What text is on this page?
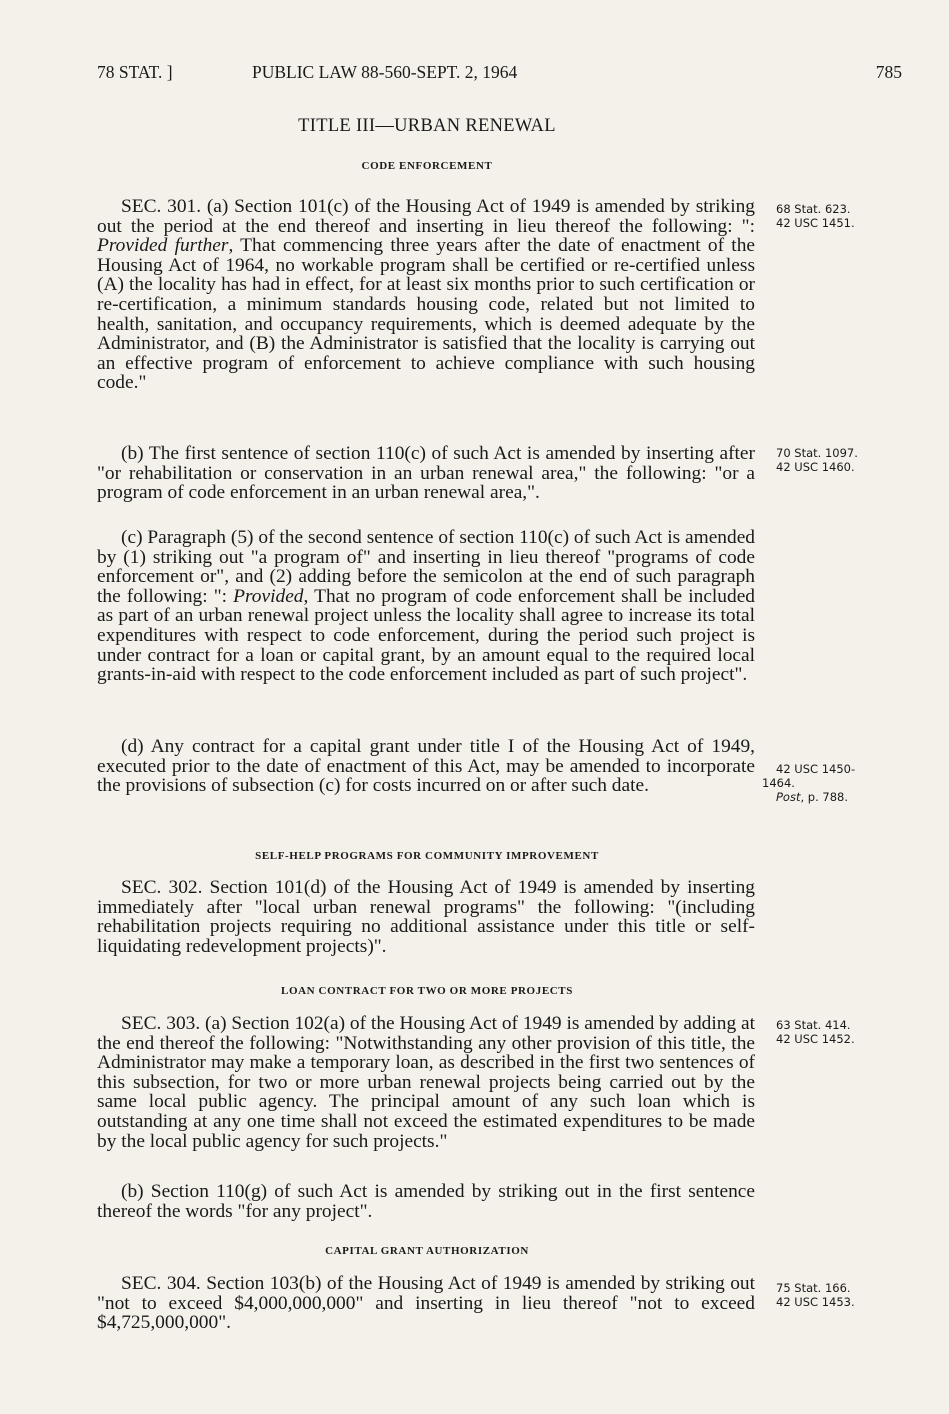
78 STAT. ]	PUBLIC LAW 88-560-SEPT. 2, 1964	785
TITLE III—URBAN RENEWAL
CODE ENFORCEMENT

SEC. 301. (a) Section 101(c) of the Housing Act of 1949 is amended by striking out the period at the end thereof and inserting in lieu thereof the following: ": Provided further, That commencing three years after the date of enactment of the Housing Act of 1964, no workable program shall be certified or re-certified unless (A) the locality has had in effect, for at least six months prior to such certification or re-certification, a minimum standards housing code, related but not limited to health, sanitation, and occupancy requirements, which is deemed adequate by the Administrator, and (B) the Administrator is satisfied that the locality is carrying out an effective program of enforcement to achieve compliance with such housing code."

(b) The first sentence of section 110(c) of such Act is amended by inserting after "or rehabilitation or conservation in an urban renewal area," the following: "or a program of code enforcement in an urban renewal area,".

(c) Paragraph (5) of the second sentence of section 110(c) of such Act is amended by (1) striking out "a program of" and inserting in lieu thereof "programs of code enforcement or", and (2) adding before the semicolon at the end of such paragraph the following: ": Provided, That no program of code enforcement shall be included as part of an urban renewal project unless the locality shall agree to increase its total expenditures with respect to code enforcement, during the period such project is under contract for a loan or capital grant, by an amount equal to the required local grants-in-aid with respect to the code enforcement included as part of such project".

(d) Any contract for a capital grant under title I of the Housing Act of 1949, executed prior to the date of enactment of this Act, may be amended to incorporate the provisions of subsection (c) for costs incurred on or after such date.

SELF-HELP PROGRAMS FOR COMMUNITY IMPROVEMENT

SEC. 302. Section 101(d) of the Housing Act of 1949 is amended by inserting immediately after "local urban renewal programs" the following: "(including rehabilitation projects requiring no additional assistance under this title or self-liquidating redevelopment projects)".

LOAN CONTRACT FOR TWO OR MORE PROJECTS

SEC. 303. (a) Section 102(a) of the Housing Act of 1949 is amended by adding at the end thereof the following: "Notwithstanding any other provision of this title, the Administrator may make a temporary loan, as described in the first two sentences of this subsection, for two or more urban renewal projects being carried out by the same local public agency. The principal amount of any such loan which is outstanding at any one time shall not exceed the estimated expenditures to be made by the local public agency for such projects."

(b) Section 110(g) of such Act is amended by striking out in the first sentence thereof the words "for any project".

CAPITAL GRANT AUTHORIZATION

SEC. 304. Section 103(b) of the Housing Act of 1949 is amended by striking out "not to exceed $4,000,000,000" and inserting in lieu thereof "not to exceed $4,725,000,000".

68 Stat. 623.
42 USC 1451.
70 Stat. 1097.
42 USC 1460.
42 USC 1450-
1464.
Post, p. 788.
63 Stat. 414.
42 USC 1452.
75 Stat. 166.
42 USC 1453.
